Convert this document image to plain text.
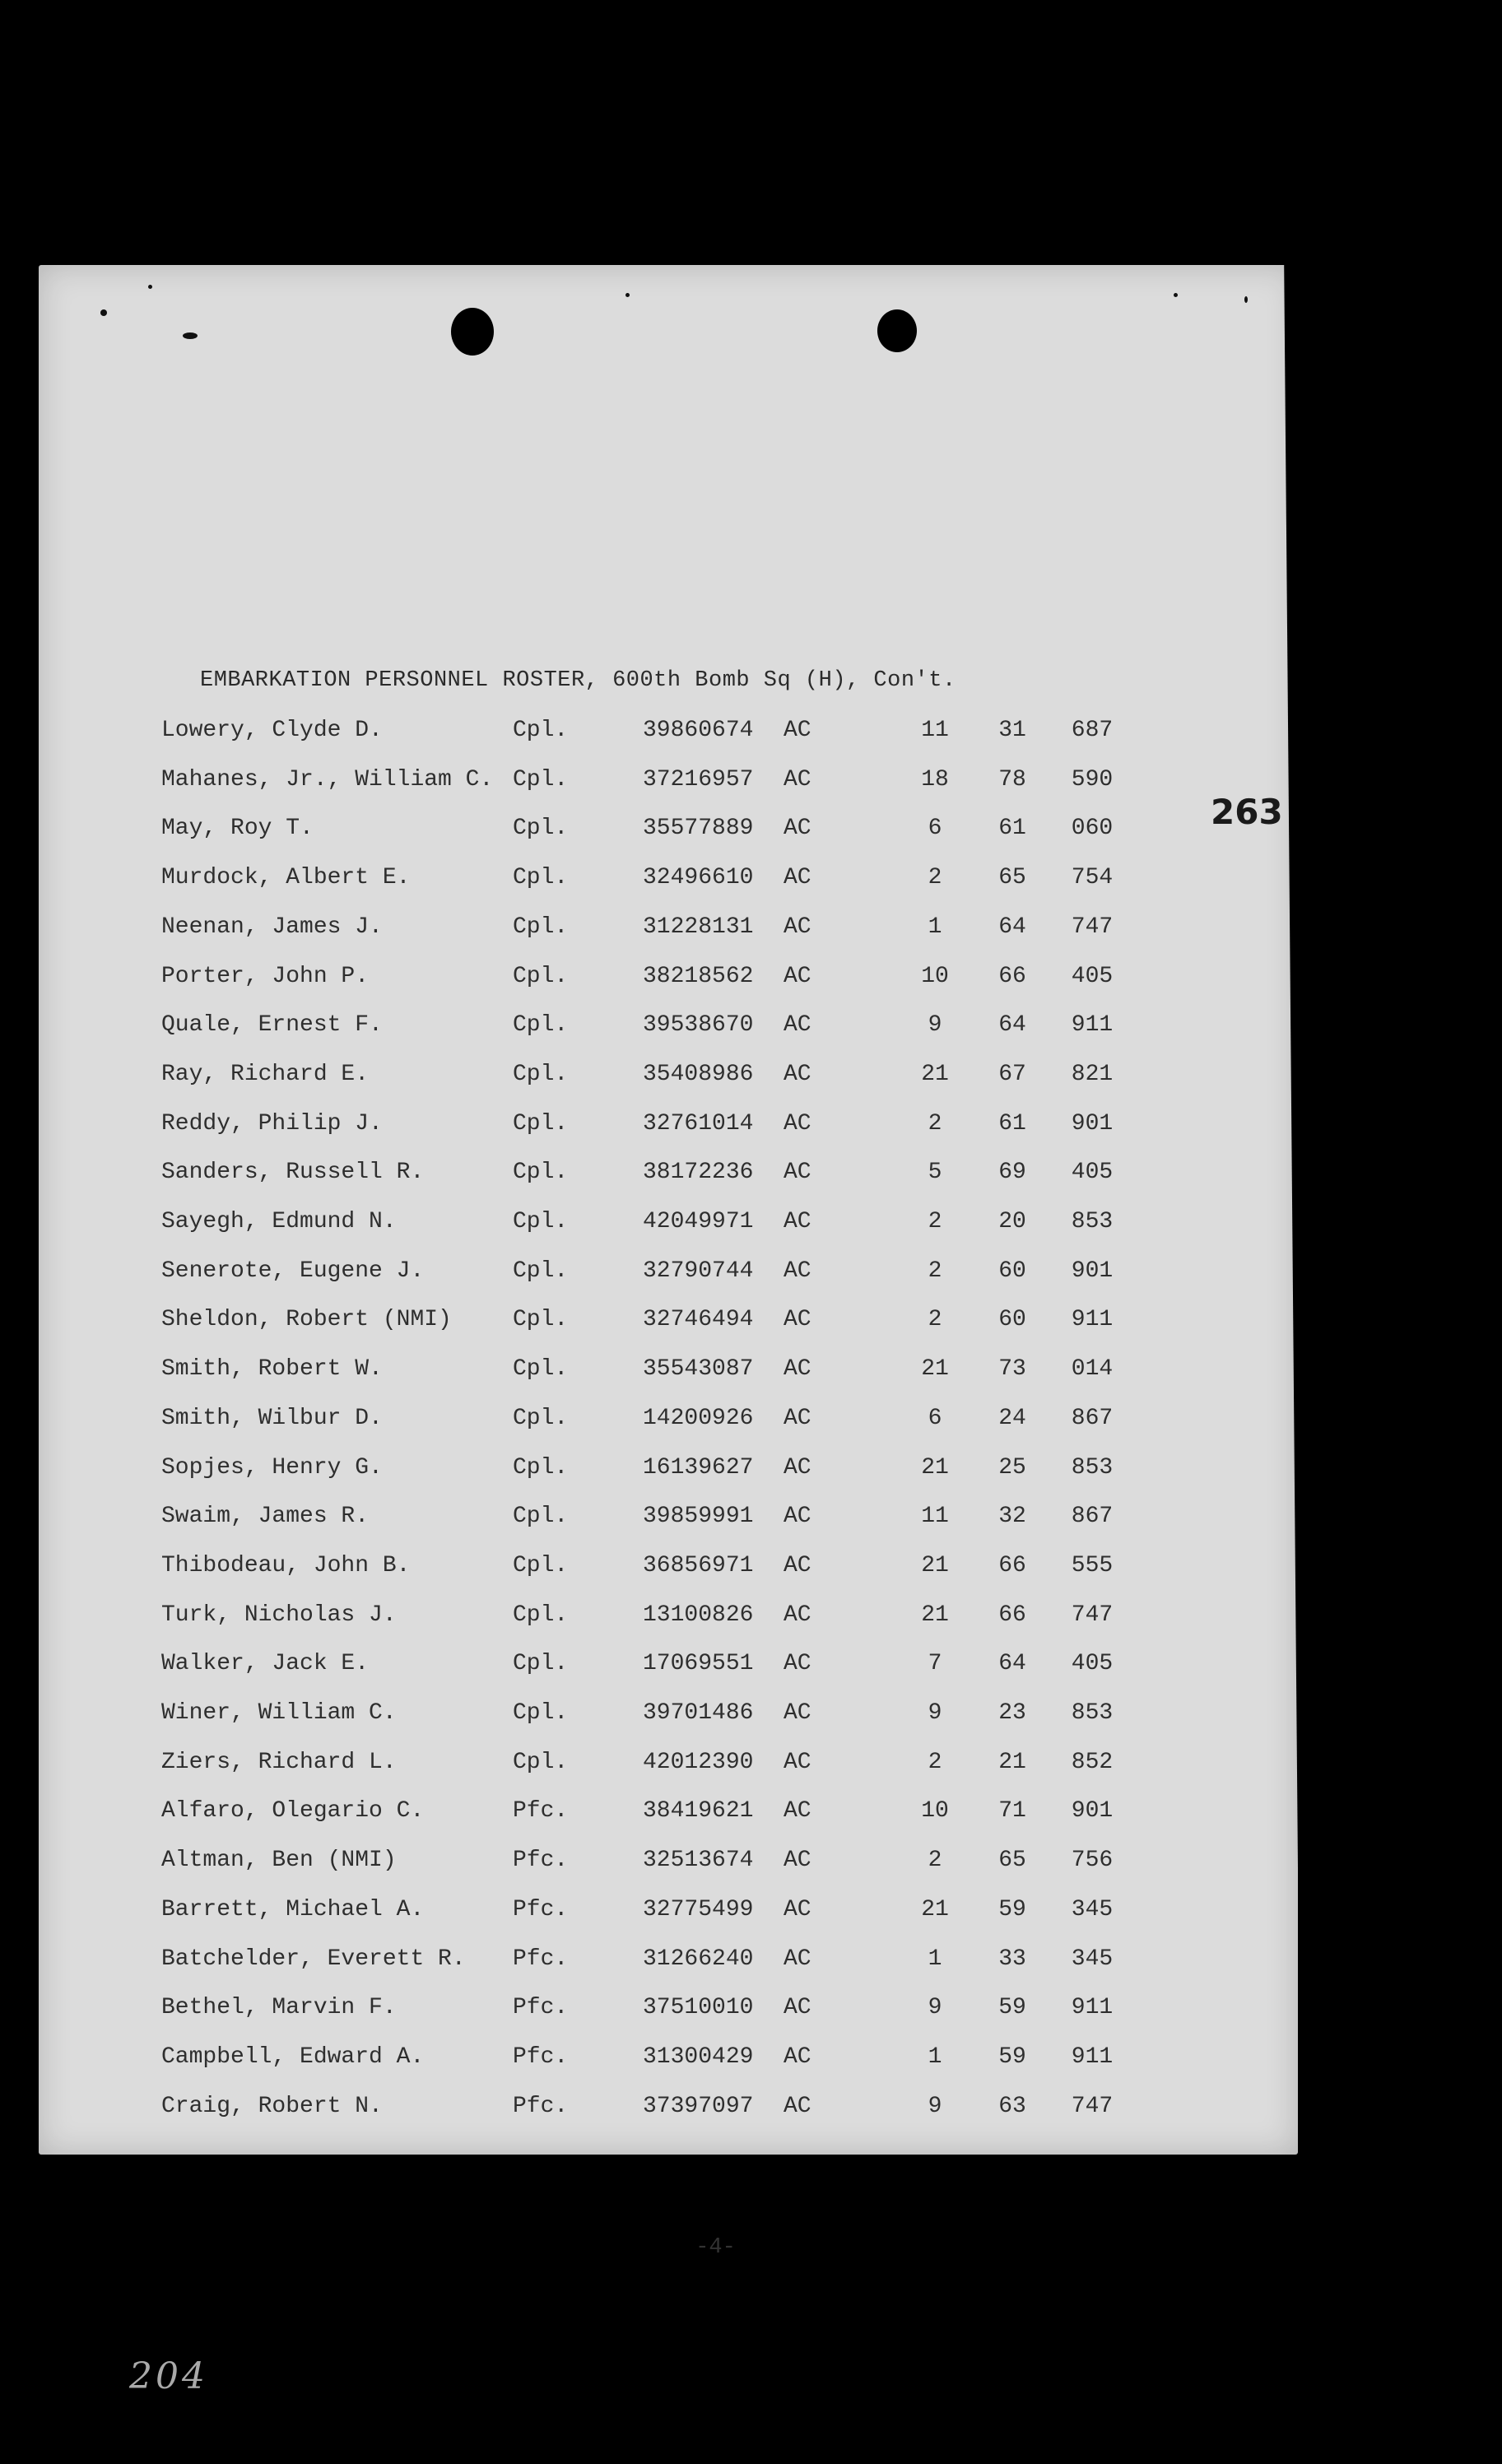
EMBARKATION PERSONNEL ROSTER, 600th Bomb Sq (H), Con't.
263
Lowery, Clyde D.	Cpl.	39860674 AC	11 31	687
Mahanes, Jr., William C. Cpl.	37216957 AC	18 78	590
May, Roy T.	Cpl.	35577889 AC	6	61	060
Murdock, Albert E.	Cpl.	32496610 AC	2	65	754
Neenan, James J.	Cpl.	31228131 AC	1	64	747
Porter, John P.	Cpl.	38218562 AC	10 66	405
Quale, Ernest F.	Cpl.	39538670 AC	9	64	911
Ray, Richard E.	Cpl.	35408986 AC	21 67	821
Reddy, Philip J.	Cpl.	32761014 AC	2	61	901
Sanders, Russell R.	Cpl.	38172236 AC	5	69	405
Sayegh, Edmund N.	Cpl.	42049971 AC	2	20	853
Senerote, Eugene J.	Cpl.	32790744 AC	2	60	901
Sheldon, Robert (NMI)	Cpl.	32746494 AC	2	60	911
Smith, Robert W.	Cpl.	35543087 AC	21 73	014
Smith, Wilbur D.	Cpl.	14200926 AC	6	24	867
Sopjes, Henry G.	Cpl.	16139627 AC	21 25	853
Swaim, James R.	Cpl.	39859991 AC	11 32	867
Thibodeau, John B.	Cpl.	36856971 AC	21 66	555
Turk, Nicholas J.	Cpl.	13100826 AC	21 66	747
Walker, Jack E.	Cpl.	17069551 AC	7	64	405
Winer, William C.	Cpl.	39701486 AC	9	23	853
Ziers, Richard L.	Cpl.	42012390 AC	2	21	852
Alfaro, Olegario C.	Pfc.	38419621 AC	10 71	901
Altman, Ben (NMI)	Pfc.	32513674 AC	2	65	756
Barrett, Michael A.	Pfc.	32775499 AC	21 59	345
Batchelder, Everett R. Pfc.	31266240 AC	1	33	345
Bethel, Marvin F.	Pfc.	37510010 AC	9	59	911
Campbell, Edward A.	Pfc.	31300429 AC	1	59	911
Craig, Robert N.	Pfc.	37397097 AC	9	63	747
-4-
204
